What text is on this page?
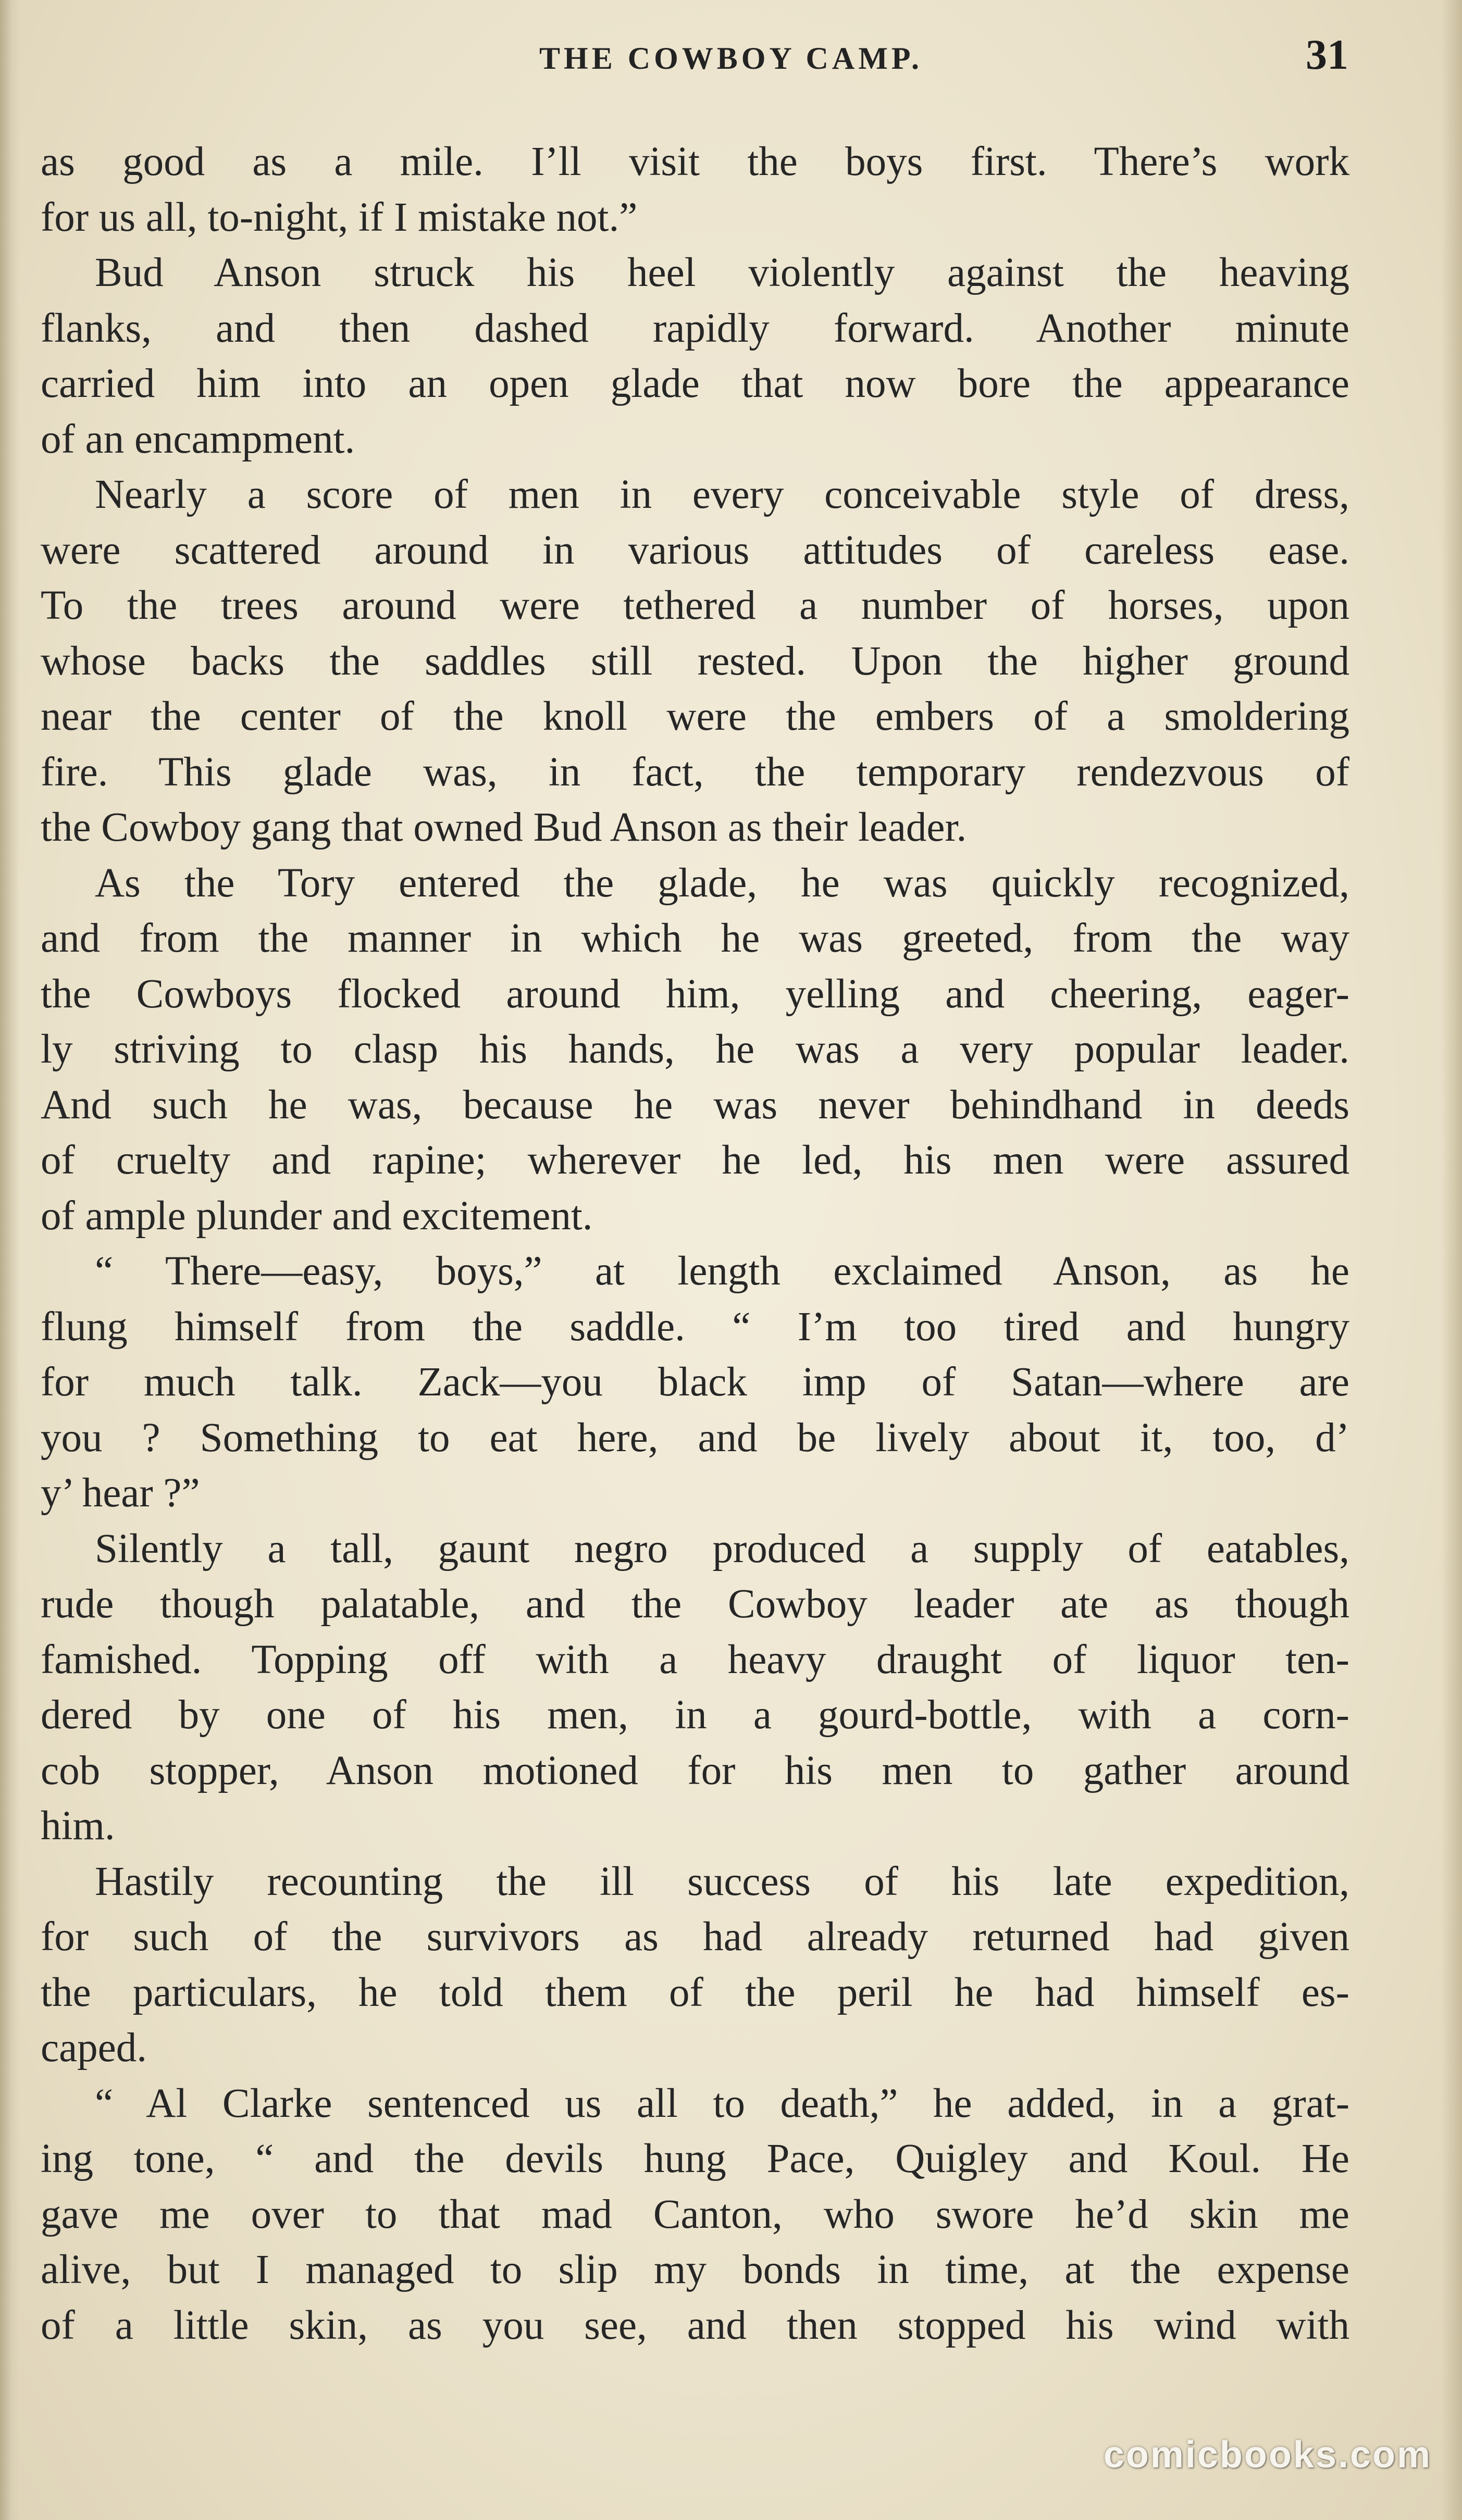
THE COWBOY CAMP.	31
as good as a mile. I’ll visit the boys first. There’s work
for us all, to-night, if I mistake not.”
Bud Anson struck his heel violently against the heaving
flanks, and then dashed rapidly forward. Another minute
carried him into an open glade that now bore the appearance
of an encampment.
Nearly a score of men in every conceivable style of dress,
were scattered around in various attitudes of careless ease.
To the trees around were tethered a number of horses, upon
whose backs the saddles still rested. Upon the higher ground
near the center of the knoll were the embers of a smoldering
fire. This glade was, in fact, the temporary rendezvous of
the Cowboy gang that owned Bud Anson as their leader.
As the Tory entered the glade, he was quickly recognized,
and from the manner in which he was greeted, from the way
the Cowboys flocked around him, yelling and cheering, eager-
ly striving to clasp his hands, he was a very popular leader.
And such he was, because he was never behindhand in deeds
of cruelty and rapine; wherever he led, his men were assured
of ample plunder and excitement.
“ There—easy, boys,” at length exclaimed Anson, as he
flung himself from the saddle. “ I’m too tired and hungry
for much talk. Zack—you black imp of Satan—where are
you ? Something to eat here, and be lively about it, too, d’
y’ hear ?”
Silently a tall, gaunt negro produced a supply of eatables,
rude though palatable, and the Cowboy leader ate as though
famished. Topping off with a heavy draught of liquor ten-
dered by one of his men, in a gourd-bottle, with a corn-
cob stopper, Anson motioned for his men to gather around
him.
Hastily recounting the ill success of his late expedition,
for such of the survivors as had already returned had given
the particulars, he told them of the peril he had himself es-
caped.
“ Al Clarke sentenced us all to death,” he added, in a grat-
ing tone, “ and the devils hung Pace, Quigley and Koul. He
gave me over to that mad Canton, who swore he’d skin me
alive, but I managed to slip my bonds in time, at the expense
of a little skin, as you see, and then stopped his wind with
comicbooks.com
